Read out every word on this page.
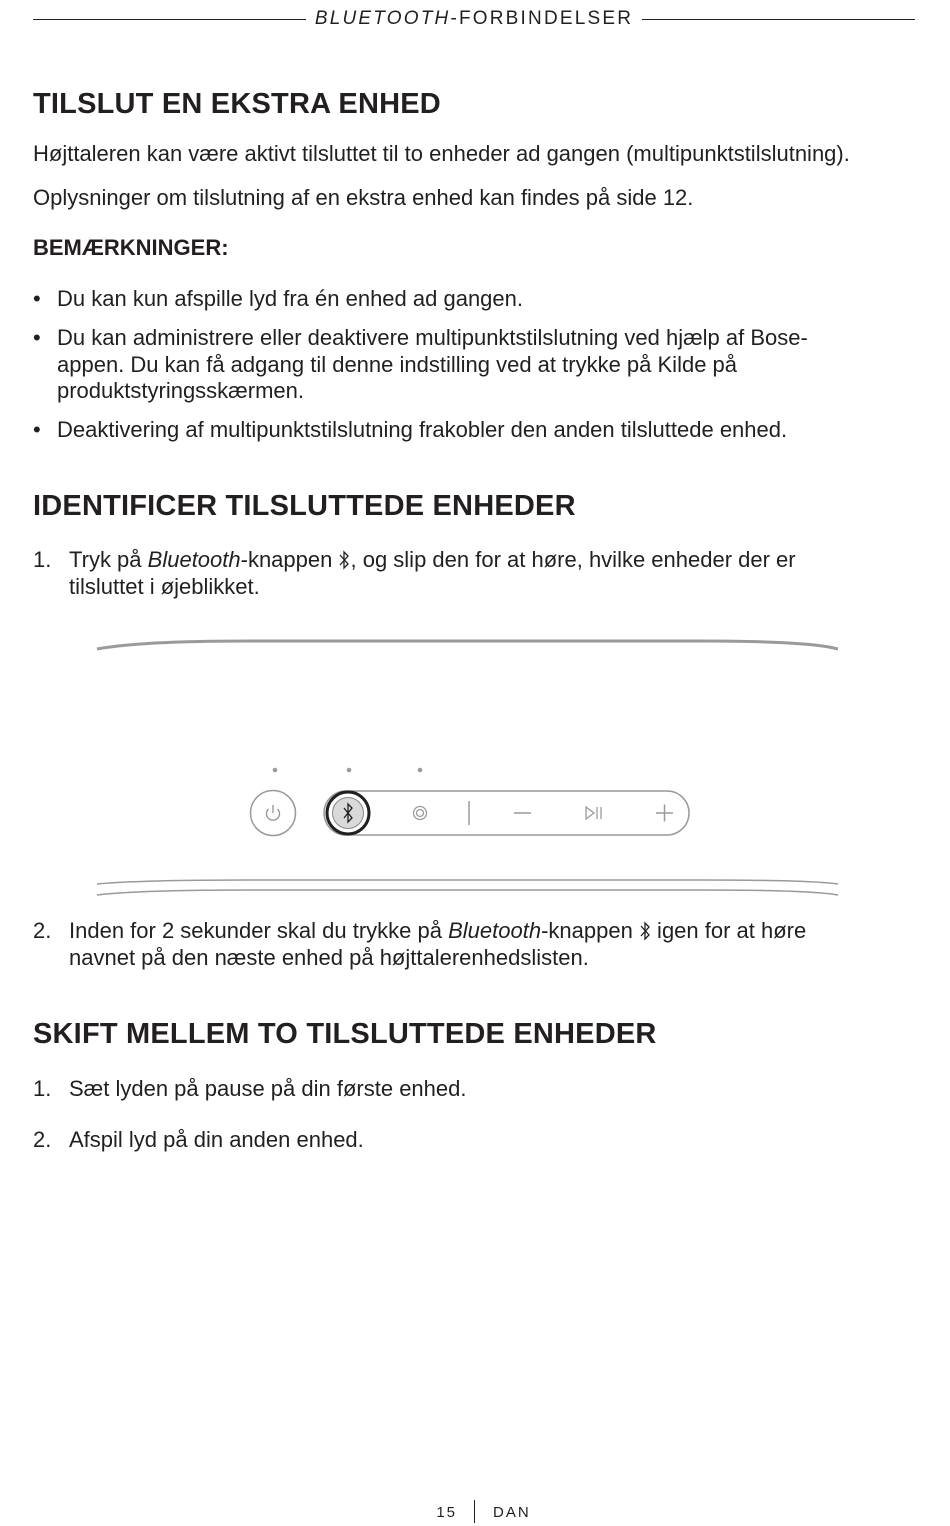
BLUETOOTH-FORBINDELSER
TILSLUT EN EKSTRA ENHED

Højttaleren kan være aktivt tilsluttet til to enheder ad gangen (multipunktstilslutning).

Oplysninger om tilslutning af en ekstra enhed kan findes på side 12.

BEMÆRKNINGER:

• Du kan kun afspille lyd fra én enhed ad gangen.
• Du kan administrere eller deaktivere multipunktstilslutning ved hjælp af Bose-appen. Du kan få adgang til denne indstilling ved at trykke på Kilde på produktstyringsskærmen.
• Deaktivering af multipunktstilslutning frakobler den anden tilsluttede enhed.
IDENTIFICER TILSLUTTEDE ENHEDER
1. Tryk på Bluetooth-knappen , og slip den for at høre, hvilke enheder der er tilsluttet i øjeblikket.
2. Inden for 2 sekunder skal du trykke på Bluetooth-knappen  igen for at høre navnet på den næste enhed på højttalerenhedslisten.
SKIFT MELLEM TO TILSLUTTEDE ENHEDER
1. Sæt lyden på pause på din første enhed.
2. Afspil lyd på din anden enhed.
15 DAN
